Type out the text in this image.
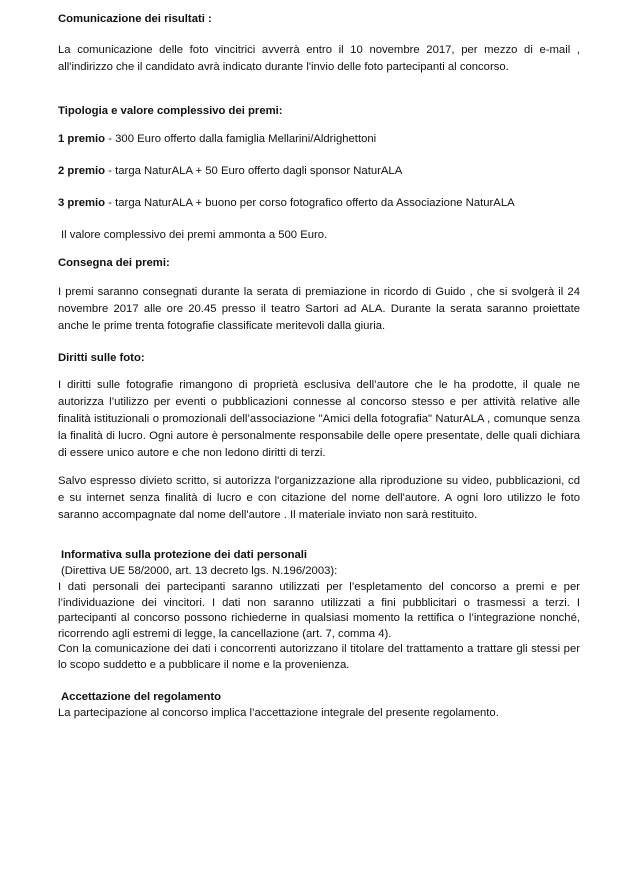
Comunicazione dei risultati :

La comunicazione delle foto vincitrici avverrà entro il 10 novembre 2017, per mezzo di e-mail , all'indirizzo che il candidato avrà indicato durante l'invio delle foto partecipanti al concorso.

Tipologia e valore complessivo dei premi:

1 premio - 300 Euro offerto dalla famiglia Mellarini/Aldrighettoni

2 premio - targa NaturALA + 50 Euro offerto dagli sponsor NaturALA

3 premio - targa NaturALA + buono per corso fotografico offerto da Associazione NaturALA

Il valore complessivo dei premi ammonta a 500 Euro.

Consegna dei premi:

I premi saranno consegnati durante la serata di premiazione in ricordo di Guido , che si svolgerà il 24 novembre 2017 alle ore 20.45 presso il teatro Sartori ad ALA. Durante la serata saranno proiettate anche le prime trenta fotografie classificate meritevoli dalla giuria.

Diritti sulle foto:

I diritti sulle fotografie rimangono di proprietà esclusiva dell’autore che le ha prodotte, il quale ne autorizza l’utilizzo per eventi o pubblicazioni connesse al concorso stesso e per attività relative alle finalità istituzionali o promozionali dell’associazione "Amici della fotografia" NaturALA , comunque senza la finalità di lucro. Ogni autore è personalmente responsabile delle opere presentate, delle quali dichiara di essere unico autore e che non ledono diritti di terzi.

Salvo espresso divieto scritto, si autorizza l'organizzazione alla riproduzione su video, pubblicazioni, cd e su internet senza finalità di lucro e con citazione del nome dell'autore. A ogni loro utilizzo le foto saranno accompagnate dal nome dell'autore . Il materiale inviato non sarà restituito.

Informativa sulla protezione dei dati personali

(Direttiva UE 58/2000, art. 13 decreto lgs. N.196/2003):

I dati personali dei partecipanti saranno utilizzati per l’espletamento del concorso a premi e per l’individuazione dei vincitori. I dati non saranno utilizzati a fini pubblicitari o trasmessi a terzi. I partecipanti al concorso possono richiederne in qualsiasi momento la rettifica o l’integrazione nonché, ricorrendo agli estremi di legge, la cancellazione (art. 7, comma 4).

Con la comunicazione dei dati i concorrenti autorizzano il titolare del trattamento a trattare gli stessi per lo scopo suddetto e a pubblicare il nome e la provenienza.

Accettazione del regolamento

La partecipazione al concorso implica l’accettazione integrale del presente regolamento.
